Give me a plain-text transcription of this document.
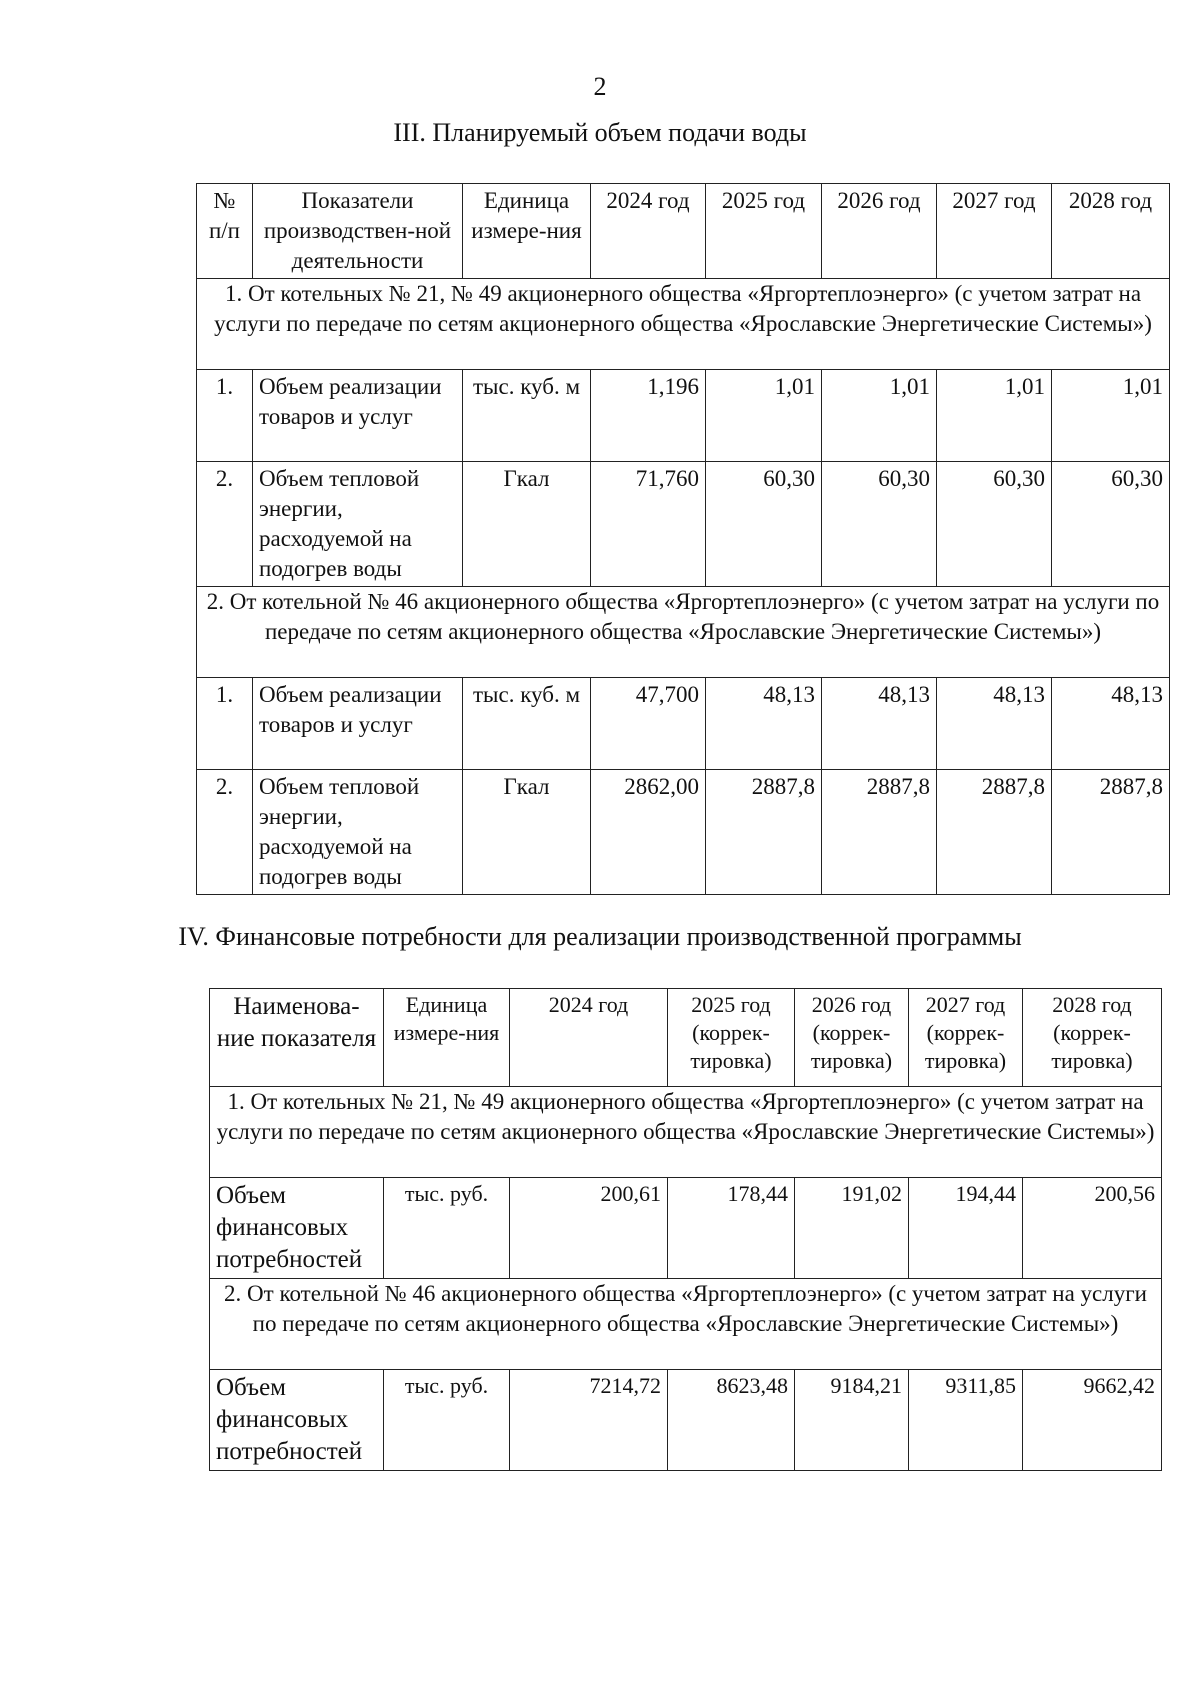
2
III. Планируемый объем подачи воды
№ п/п	Показатели производствен-ной деятельности	Единица измере-ния	2024 год	2025 год	2026 год	2027 год	2028 год
1. От котельных № 21, № 49 акционерного общества «Яргортеплоэнерго» (с учетом затрат на услуги по передаче по сетям акционерного общества «Ярославские Энергетические Системы»)							
1.	Объем реализации товаров и услуг	тыс. куб. м	1,196	1,01	1,01	1,01	1,01
2.	Объем тепловой энергии, расходуемой на подогрев воды	Гкал	71,760	60,30	60,30	60,30	60,30
2. От котельной № 46 акционерного общества «Яргортеплоэнерго» (с учетом затрат на услуги по передаче по сетям акционерного общества «Ярославские Энергетические Системы»)							
1.	Объем реализации товаров и услуг	тыс. куб. м	47,700	48,13	48,13	48,13	48,13
2.	Объем тепловой энергии, расходуемой на подогрев воды	Гкал	2862,00	2887,8	2887,8	2887,8	2887,8
IV. Финансовые потребности для реализации производственной программы
Наименова-ние показателя	Единица измере-ния	2024 год	2025 год (коррек-тировка)	2026 год (коррек-тировка)	2027 год (коррек-тировка)	2028 год (коррек-тировка)
1. От котельных № 21, № 49 акционерного общества «Яргортеплоэнерго» (с учетом затрат на услуги по передаче по сетям акционерного общества «Ярославские Энергетические Системы»)						
Объем финансовых потребностей	тыс. руб.	200,61	178,44	191,02	194,44	200,56
2. От котельной № 46 акционерного общества «Яргортеплоэнерго» (с учетом затрат на услуги по передаче по сетям акционерного общества «Ярославские Энергетические Системы»)						
Объем финансовых потребностей	тыс. руб.	7214,72	8623,48	9184,21	9311,85	9662,42
